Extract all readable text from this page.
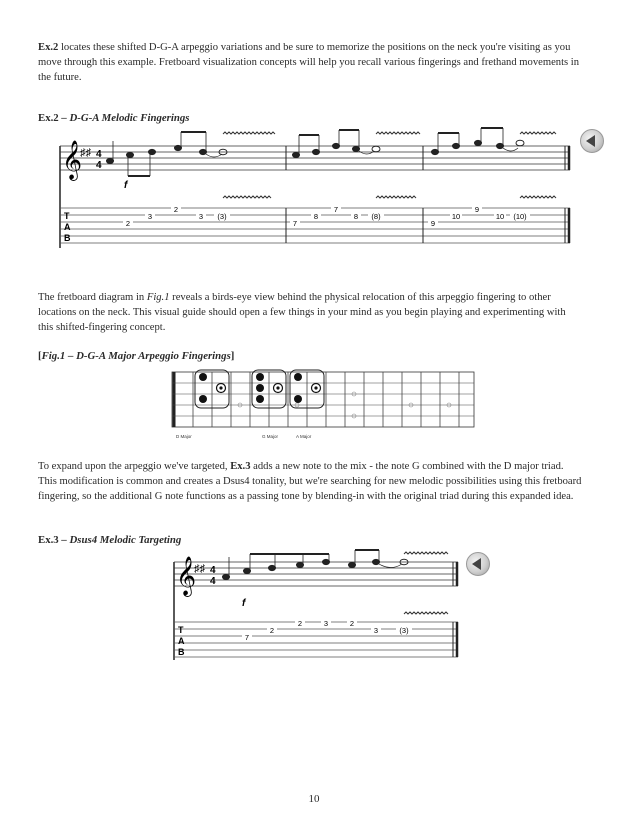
Ex.2 locates these shifted D-G-A arpeggio variations and be sure to memorize the positions on the neck you're visiting as you move through this example. Fretboard visualization concepts will help you recall various fingerings and frethand movements in the future.

Ex.2 – D-G-A Melodic Fingerings
𝄞
♯♯ 4
4
f
T
A
B
2
3
2
3 (3)
7
8
7
8 (8)
9
10
9
10 (10)

The fretboard diagram in Fig.1 reveals a birds-eye view behind the physical relocation of this arpeggio fingering to other locations on the neck. This visual guide should open a few things in your mind as you begin playing and experimenting with this shifted-fingering concept.

[Fig.1 – D-G-A Major Arpeggio Fingerings]
D Major	G Major	A Major

To expand upon the arpeggio we've targeted, Ex.3 adds a new note to the mix - the note G combined with the D major triad. This modification is common and creates a Dsus4 tonality, but we're searching for new melodic possibilities using this fretboard fingering, so the additional G note functions as a passing tone by blending-in with the original triad during this expanded idea.

Ex.3 – Dsus4 Melodic Targeting
𝄞
♯♯ 4
4
f
T
A
B
7
2
2	3	2
3	(3)
10
